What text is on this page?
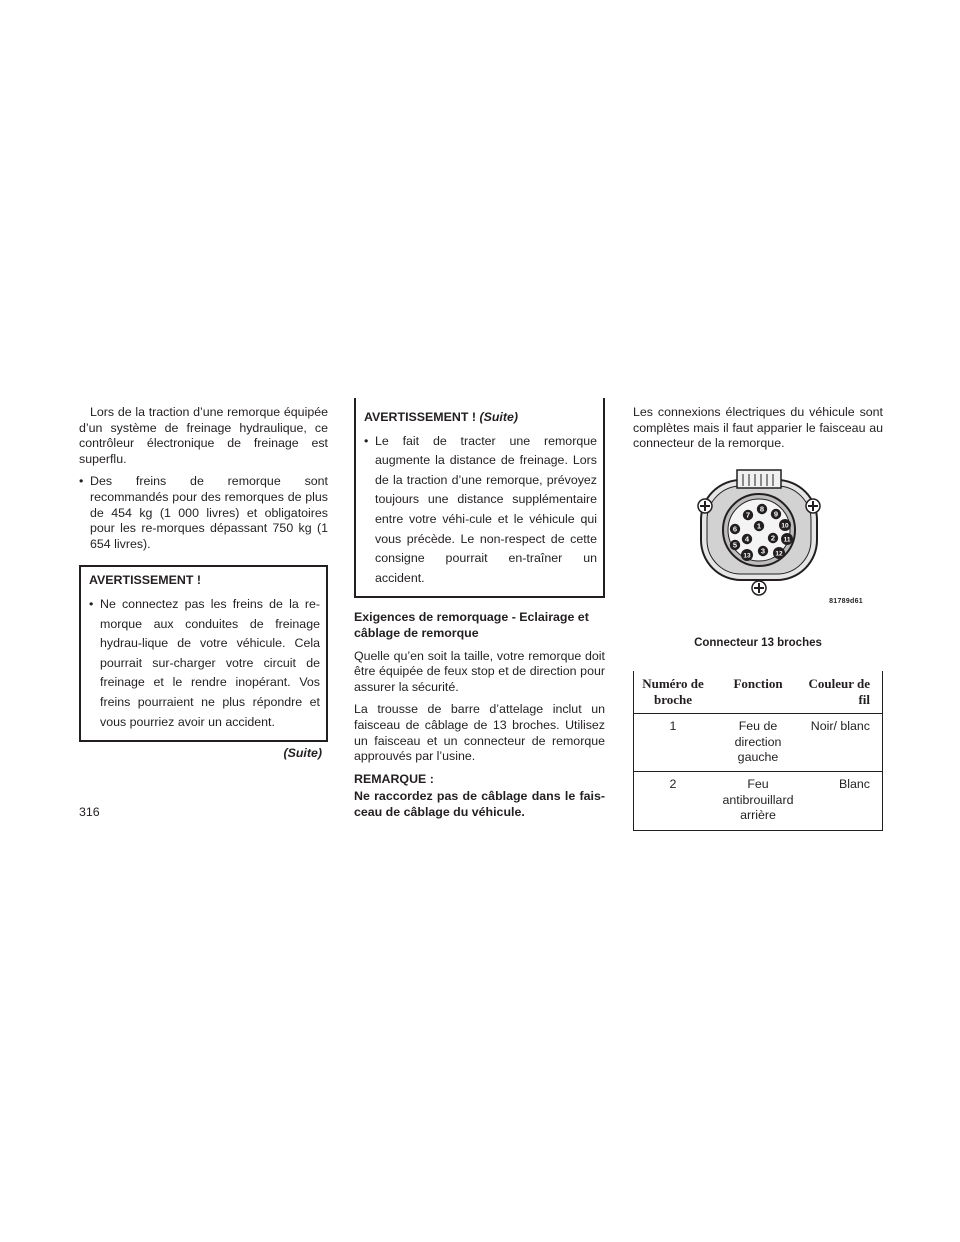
Lors de la traction d’une remorque équipée d’un système de freinage hydraulique, ce contrôleur électronique de freinage est superflu.

• Des freins de remorque sont recommandés pour des remorques de plus de 454 kg (1 000 livres) et obligatoires pour les re-morques dépassant 750 kg (1 654 livres).

AVERTISSEMENT !
• Ne connectez pas les freins de la re-morque aux conduites de freinage hydrau-lique de votre véhicule. Cela pourrait sur-charger votre circuit de freinage et le rendre inopérant. Vos freins pourraient ne plus répondre et vous pourriez avoir un accident.
(Suite)
AVERTISSEMENT ! (Suite)
• Le fait de tracter une remorque augmente la distance de freinage. Lors de la traction d’une remorque, prévoyez toujours une distance supplémentaire entre votre véhi-cule et le véhicule qui vous précède. Le non-respect de cette consigne pourrait en-traîner un accident.

Exigences de remorquage - Eclairage et câblage de remorque

Quelle qu’en soit la taille, votre remorque doit être équipée de feux stop et de direction pour assurer la sécurité.

La trousse de barre d’attelage inclut un faisceau de câblage de 13 broches. Utilisez un faisceau et un connecteur de remorque approuvés par l’usine.

REMARQUE :

Ne raccordez pas de câblage dans le fais-ceau de câblage du véhicule.

Les connexions électriques du véhicule sont complètes mais il faut apparier le faisceau au connecteur de la remorque.

1
2
3
4
5
6
7
8
9
10
11
12
13
81789d61
Connecteur 13 broches
Numéro de broche	Fonction	Couleur de fil
1	Feu de direction gauche	Noir/ blanc
2	Feu antibrouillard arrière	Blanc
316
